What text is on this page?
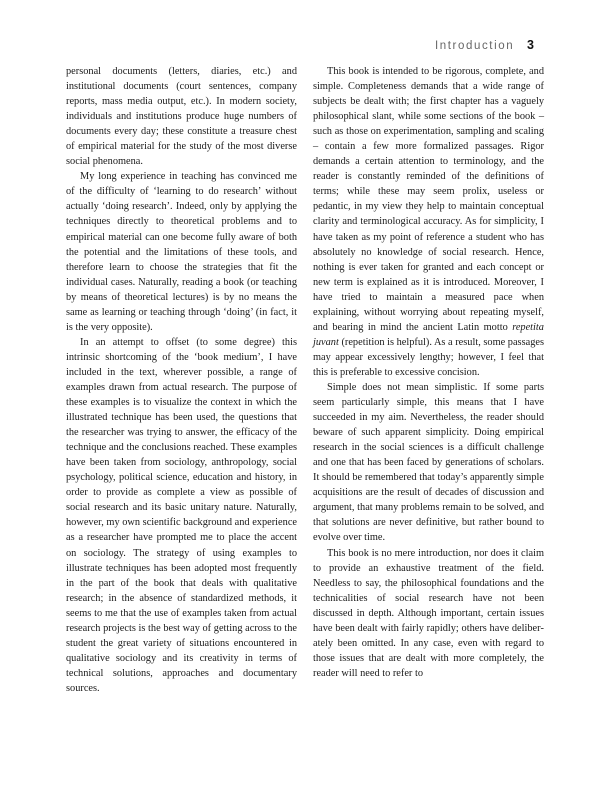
Introduction 3

personal documents (letters, diaries, etc.) and institutional documents (court sentences, company reports, mass media output, etc.). In modern society, individuals and institutions produce huge numbers of documents every day; these constitute a treasure chest of empirical material for the study of the most diverse social phenomena.

My long experience in teaching has convinced me of the difficulty of ‘learning to do research’ without actually ‘doing research’. Indeed, only by applying the techniques directly to theoretical problems and to empirical material can one become fully aware of both the potential and the limitations of these tools, and therefore learn to choose the strategies that fit the individual cases. Naturally, reading a book (or teaching by means of theoretical lectures) is by no means the same as learning or teaching through ‘doing’ (in fact, it is the very opposite).

In an attempt to offset (to some degree) this intrinsic shortcoming of the ‘book medium’, I have included in the text, wherever possible, a range of examples drawn from actual research. The purpose of these examples is to visualize the context in which the illustrated technique has been used, the questions that the researcher was trying to answer, the efficacy of the technique and the conclusions reached. These examples have been taken from sociology, anthropology, social psychology, political science, education and history, in order to provide as complete a view as possible of social research and its basic unitary nature. Naturally, however, my own scientific background and experience as a researcher have prompted me to place the accent on sociology. The strategy of using examples to illustrate techniques has been adopted most frequently in the part of the book that deals with qualitative research; in the absence of standardized methods, it seems to me that the use of examples taken from actual research projects is the best way of getting across to the student the great variety of situations encountered in qualitative sociology and its creativity in terms of technical solutions, approaches and documentary sources.

This book is intended to be rigorous, complete, and simple. Completeness demands that a wide range of subjects be dealt with; the first chapter has a vaguely philosophical slant, while some sections of the book – such as those on experimentation, sampling and scaling – contain a few more formalized passages. Rigor demands a certain attention to terminology, and the reader is constantly reminded of the definitions of terms; while these may seem prolix, useless or pedantic, in my view they help to maintain conceptual clarity and terminological accuracy. As for simplicity, I have taken as my point of reference a student who has absolutely no knowledge of social research. Hence, nothing is ever taken for granted and each concept or new term is explained as it is introduced. Moreover, I have tried to maintain a measured pace when explaining, without worrying about repeating myself, and bearing in mind the ancient Latin motto repetita juvant (repetition is helpful). As a result, some passages may appear excessively lengthy; however, I feel that this is preferable to excessive concision.

Simple does not mean simplistic. If some parts seem particularly simple, this means that I have succeeded in my aim. Nevertheless, the reader should beware of such apparent simplicity. Doing empirical research in the social sciences is a difficult challenge and one that has been faced by generations of scholars. It should be remembered that today’s apparently simple acquisitions are the result of decades of discussion and argument, that many problems remain to be solved, and that solutions are never definitive, but rather bound to evolve over time.

This book is no mere introduction, nor does it claim to provide an exhaustive treatment of the field. Needless to say, the philosophical foundations and the technicalities of social research have not been discussed in depth. Although important, certain issues have been dealt with fairly rapidly; others have deliberately been omitted. In any case, even with regard to those issues that are dealt with more completely, the reader will need to refer to
